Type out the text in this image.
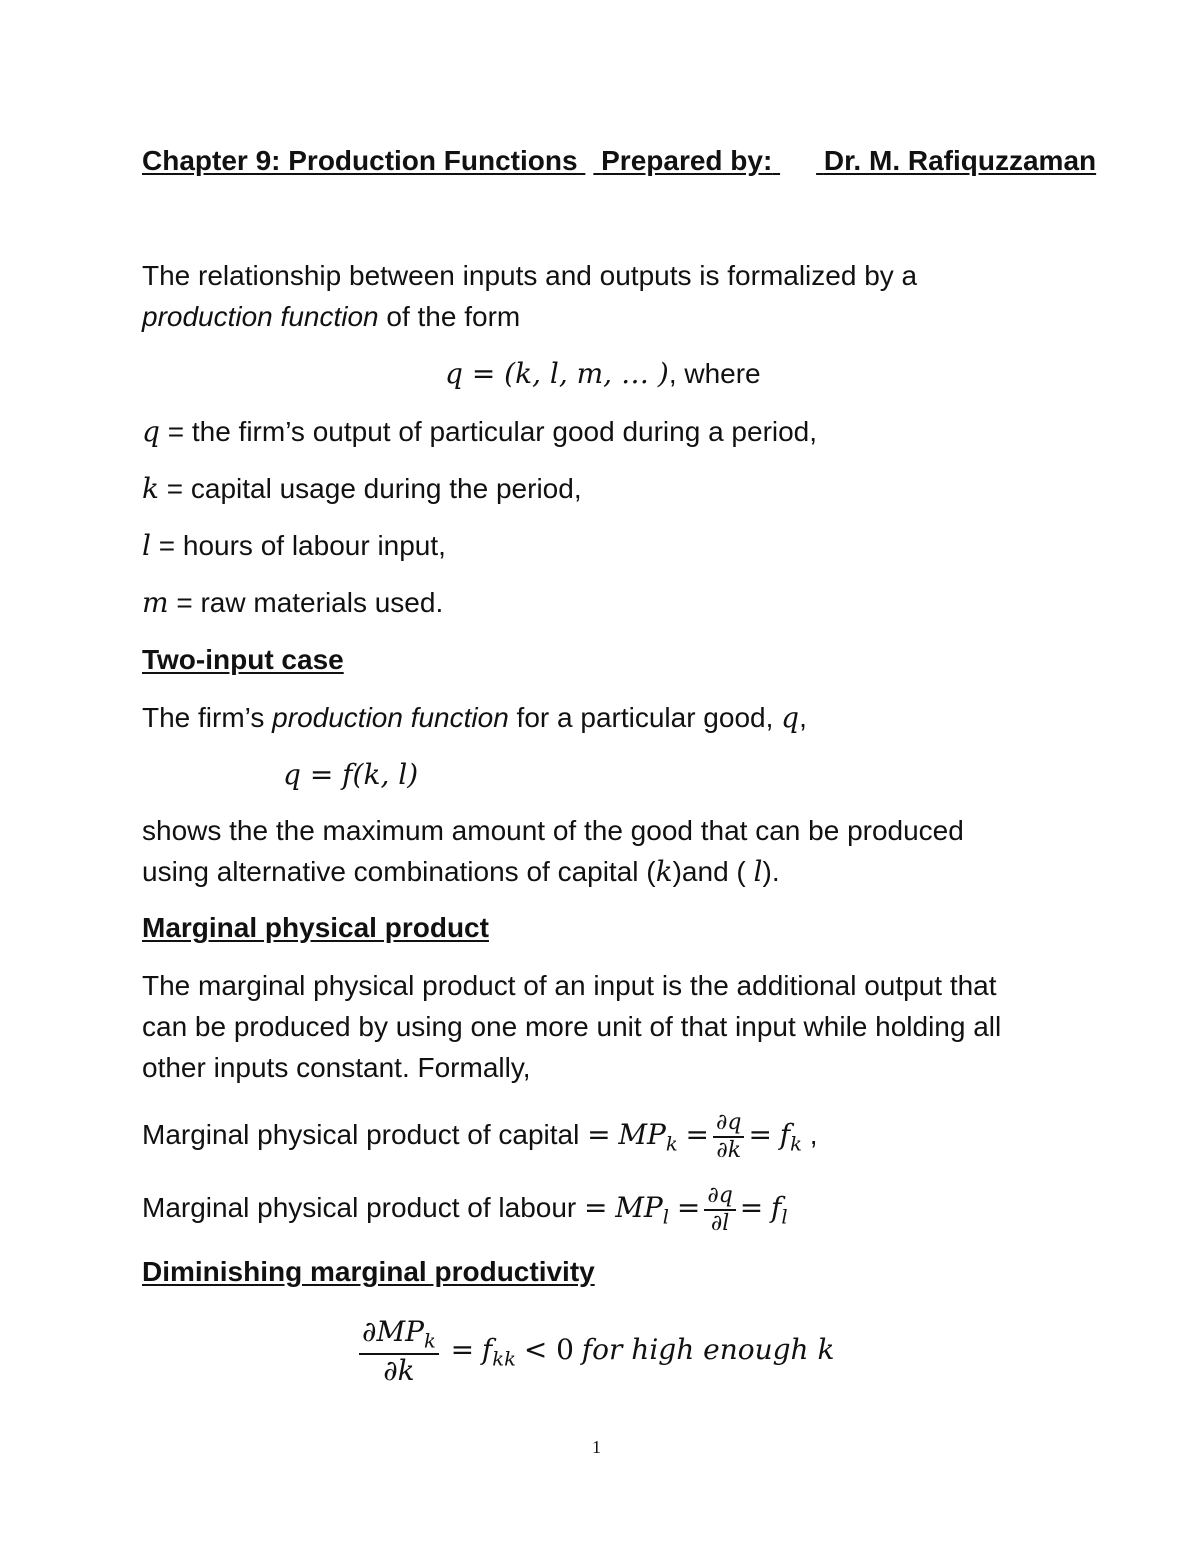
Chapter 9: Production Functions Prepared by: Dr. M. Rafiquzzaman
The relationship between inputs and outputs is formalized by a
production function of the form
q = (k, l, m, … ), where
q = the firm’s output of particular good during a period,
k = capital usage during the period,
l = hours of labour input,
m = raw materials used.
Two-input case
The firm’s production function for a particular good, q,
q = f(k, l)
shows the the maximum amount of the good that can be produced
using alternative combinations of capital (k)and ( l).
Marginal physical product
The marginal physical product of an input is the additional output that
can be produced by using one more unit of that input while holding all
other inputs constant. Formally,
Marginal physical product of capital = $MP_k = \frac{\partial q}{\partial k} = f_k$ ,
Marginal physical product of labour = $MP_l = \frac{\partial q}{\partial l} = f_l$
Diminishing marginal productivity
$\frac{\partial MP_k}{\partial k} = f_{kk} < 0$ for high enough k
1
